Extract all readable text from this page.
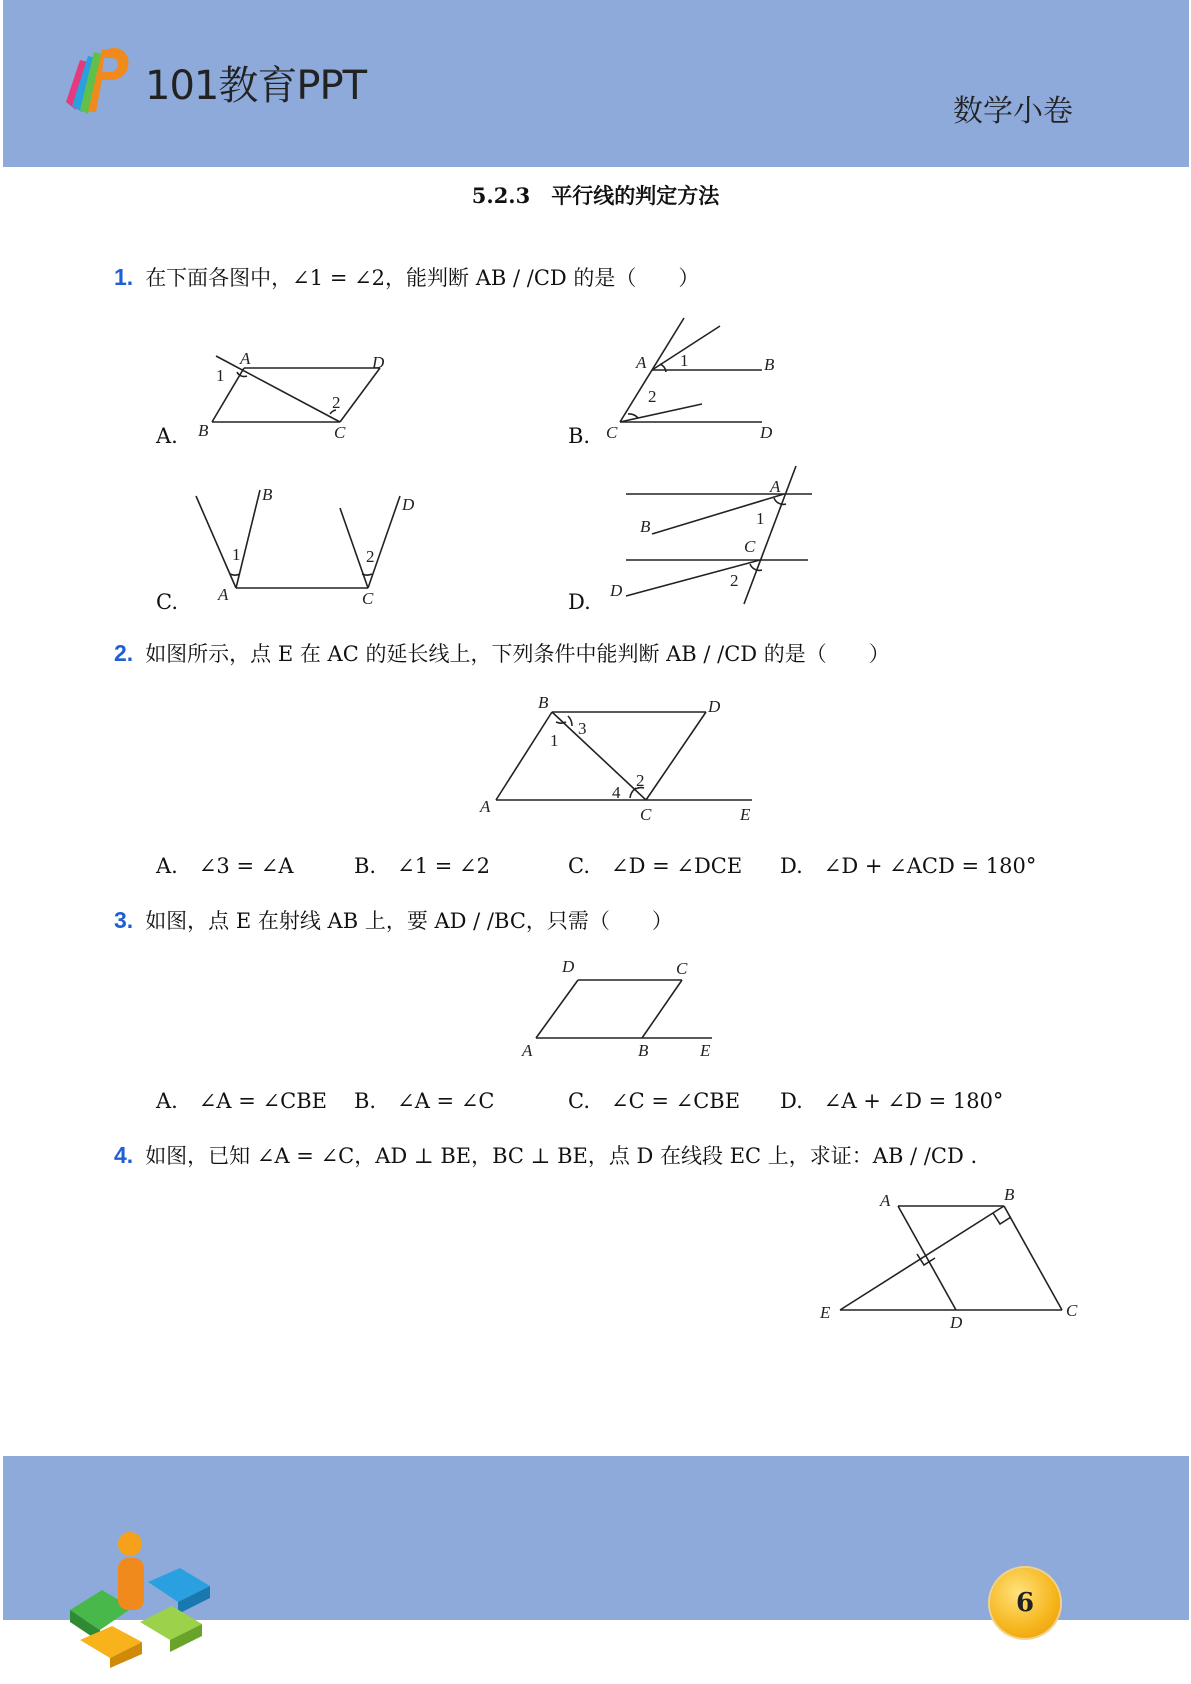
101教育PPT
数学小卷
5.2.3　平行线的判定方法
1. 在下面各图中，∠1 = ∠2，能判断 AB / /CD 的是（　　）
A.
A	D
1
2
B	C	B.
A 1	B
2
C	D
C.
B
1
A
D
2
C	D.
A
B	1
C
2
D
2. 如图所示，点 E 在 AC 的延长线上，下列条件中能判断 AB / /CD 的是（　　）
B	D
1
3
2
4
A	C	E
A.　∠3 = ∠A	B.　∠1 = ∠2	C.　∠D = ∠DCE D.　∠D + ∠ACD = 180°
3. 如图，点 E 在射线 AB 上，要 AD / /BC，只需（　　）
D	C
A	B	E
A.　∠A = ∠CBE B.　∠A = ∠C	C.　∠C = ∠CBE D.　∠A + ∠D = 180°
4. 如图，已知 ∠A = ∠C，AD ⊥ BE，BC ⊥ BE，点 D 在线段 EC 上，求证：AB / /CD .
A	B
E
D
C
6
